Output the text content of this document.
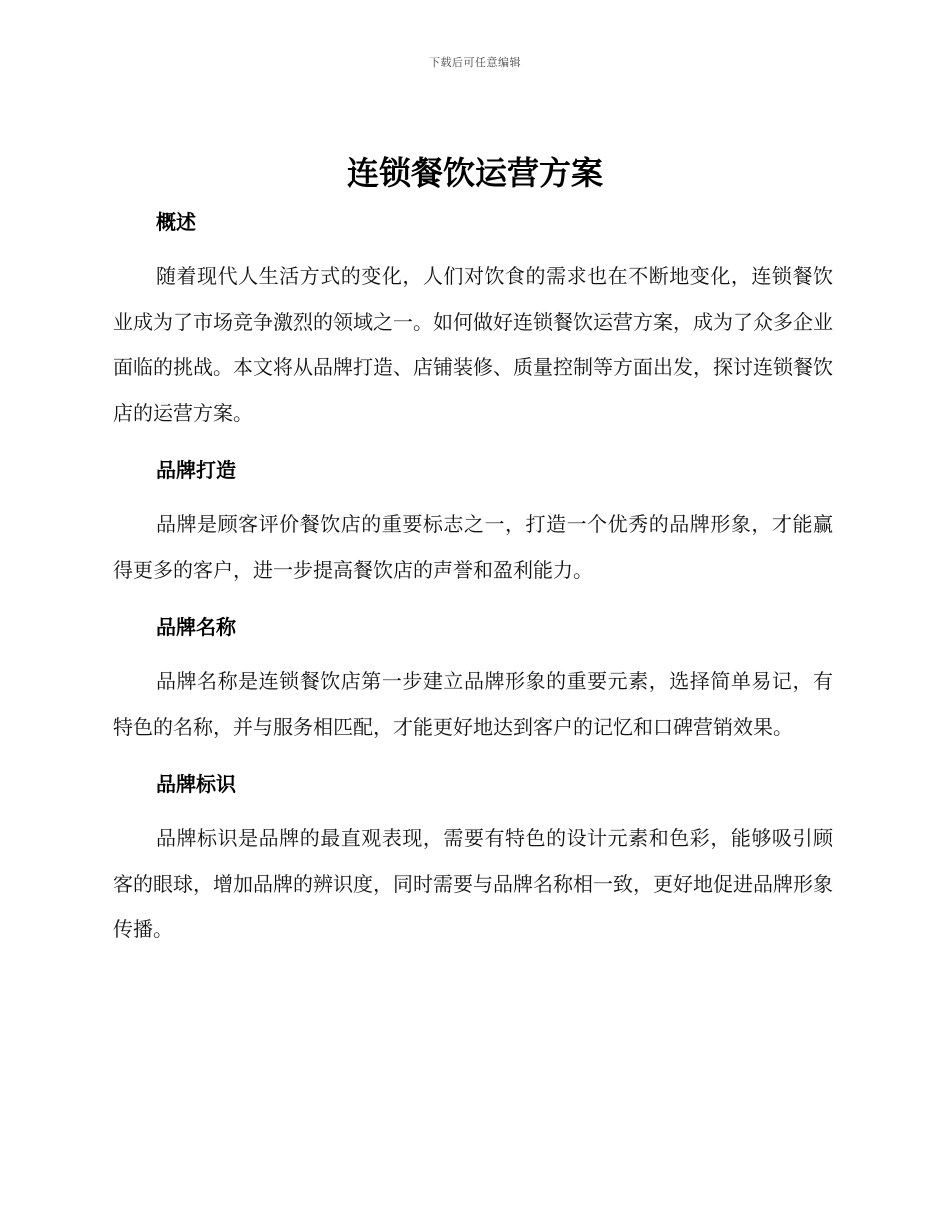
下载后可任意编辑
连锁餐饮运营方案
概述

随着现代人生活方式的变化，人们对饮食的需求也在不断地变化，连锁餐饮业成为了市场竞争激烈的领域之一。如何做好连锁餐饮运营方案，成为了众多企业面临的挑战。本文将从品牌打造、店铺装修、质量控制等方面出发，探讨连锁餐饮店的运营方案。

品牌打造

品牌是顾客评价餐饮店的重要标志之一，打造一个优秀的品牌形象，才能赢得更多的客户，进一步提高餐饮店的声誉和盈利能力。

品牌名称

品牌名称是连锁餐饮店第一步建立品牌形象的重要元素，选择简单易记，有特色的名称，并与服务相匹配，才能更好地达到客户的记忆和口碑营销效果。

品牌标识

品牌标识是品牌的最直观表现，需要有特色的设计元素和色彩，能够吸引顾客的眼球，增加品牌的辨识度，同时需要与品牌名称相一致，更好地促进品牌形象传播。
